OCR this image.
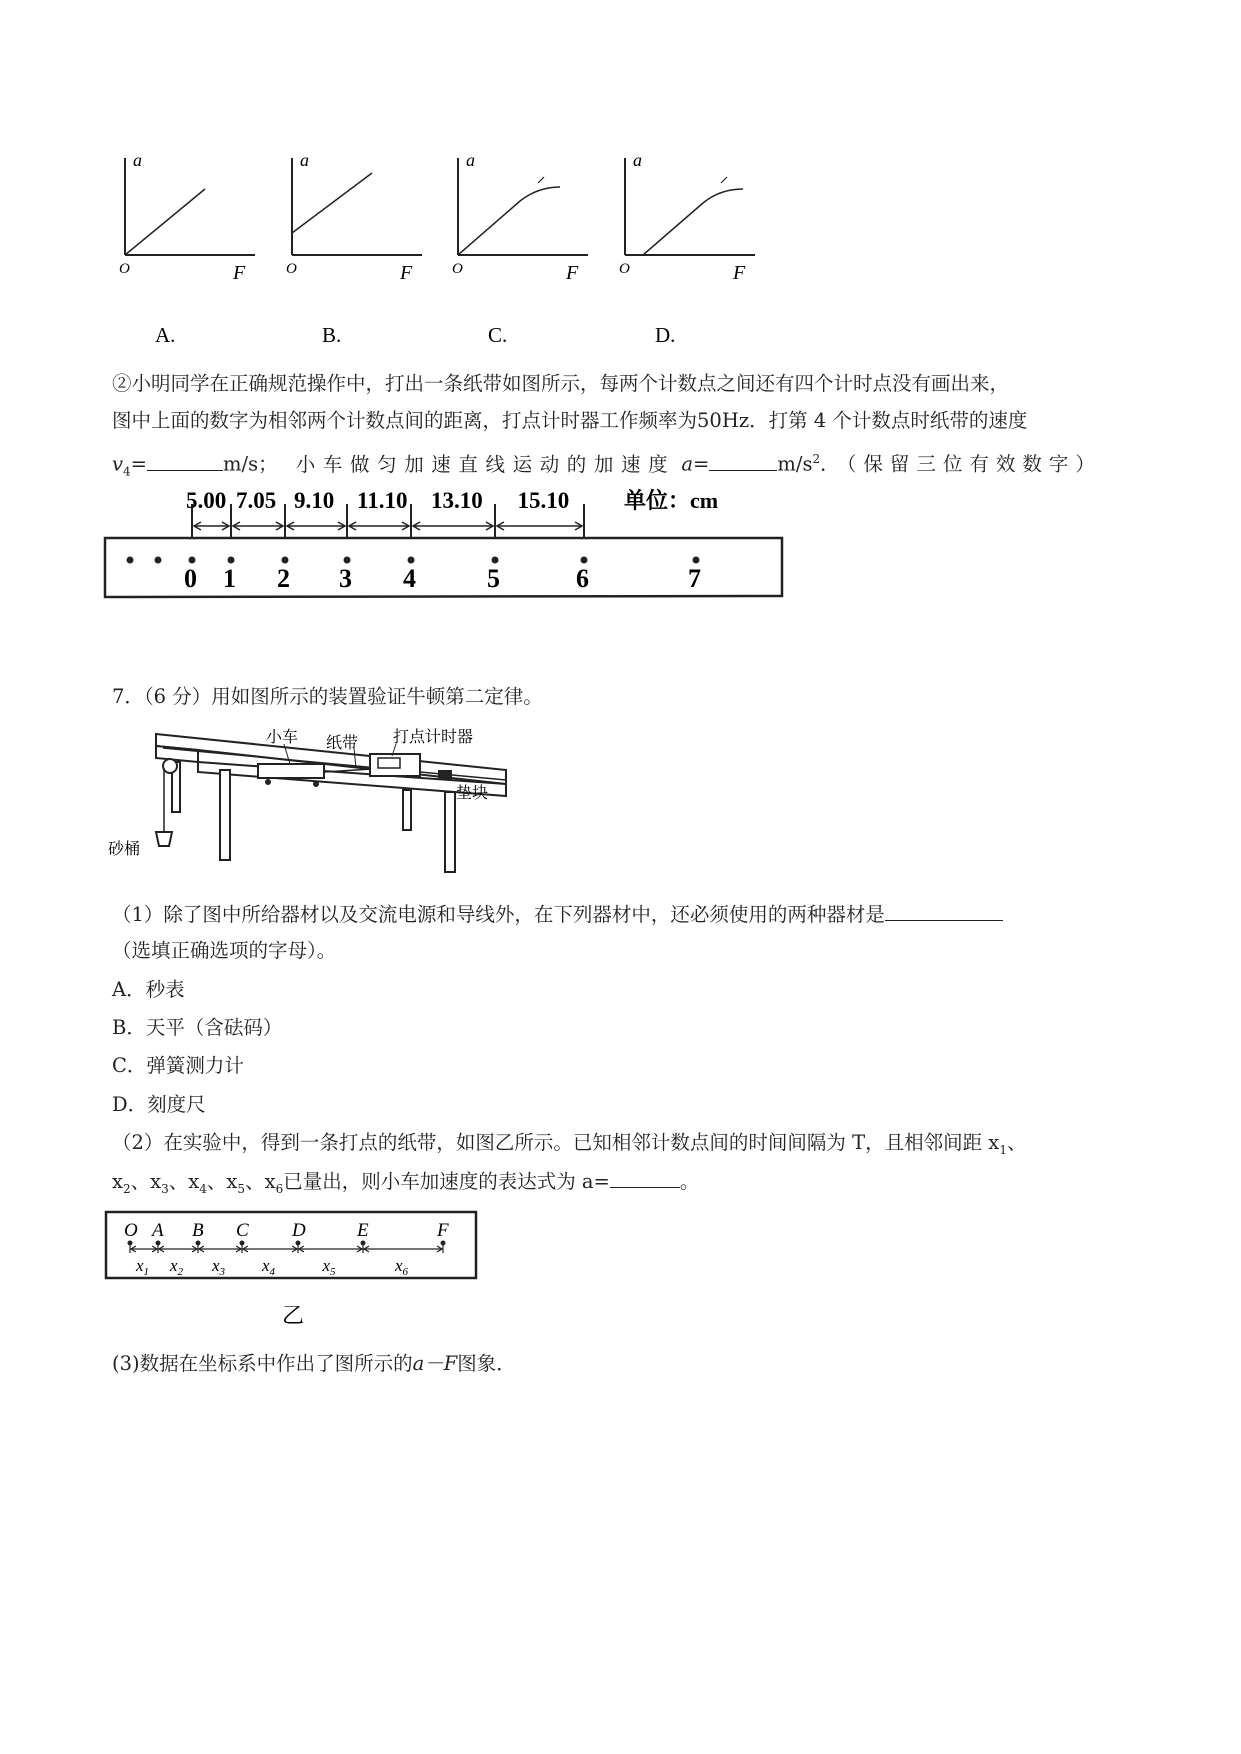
a
F
O
A.
a
F
O
B.
a
F
O
C.
a
F
O
D.
②小明同学在正确规范操作中，打出一条纸带如图所示，每两个计数点之间还有四个计时点没有画出来，
图中上面的数字为相邻两个计数点间的距离，打点计时器工作频率为50Hz．打第 4 个计数点时纸带的速度
$v_4=$	m/s； 小车做匀加速直线运动的加速度 a=	$m/s^2$．（保留三位有效数字）
0 1 2 3 4	5	6	7
5.00 7.05 9.10 11.10 13.10 15.10 单位：cm
7．（6 分）用如图所示的装置验证牛顿第二定律。
小车 纸带 打点计时器
垫块
砂桶
（1）除了图中所给器材以及交流电源和导线外，在下列器材中，还必须使用的两种器材是
（选填正确选项的字母）。
A．秒表
B．天平（含砝码）
C．弹簧测力计
D．刻度尺
（2）在实验中，得到一条打点的纸带，如图乙所示。已知相邻计数点间的时间间隔为 T，且相邻间距 $x_1$、
$x_2$、$x_3$、$x_4$、$x_5$、$x_6$已量出，则小车加速度的表达式为 a=	。
O A B C D	E	F
$x_1$ $x_2$ $x_3$ $x_4$	$x_5$	$x_6$
乙
(3)数据在坐标系中作出了图所示的a－F图象．
